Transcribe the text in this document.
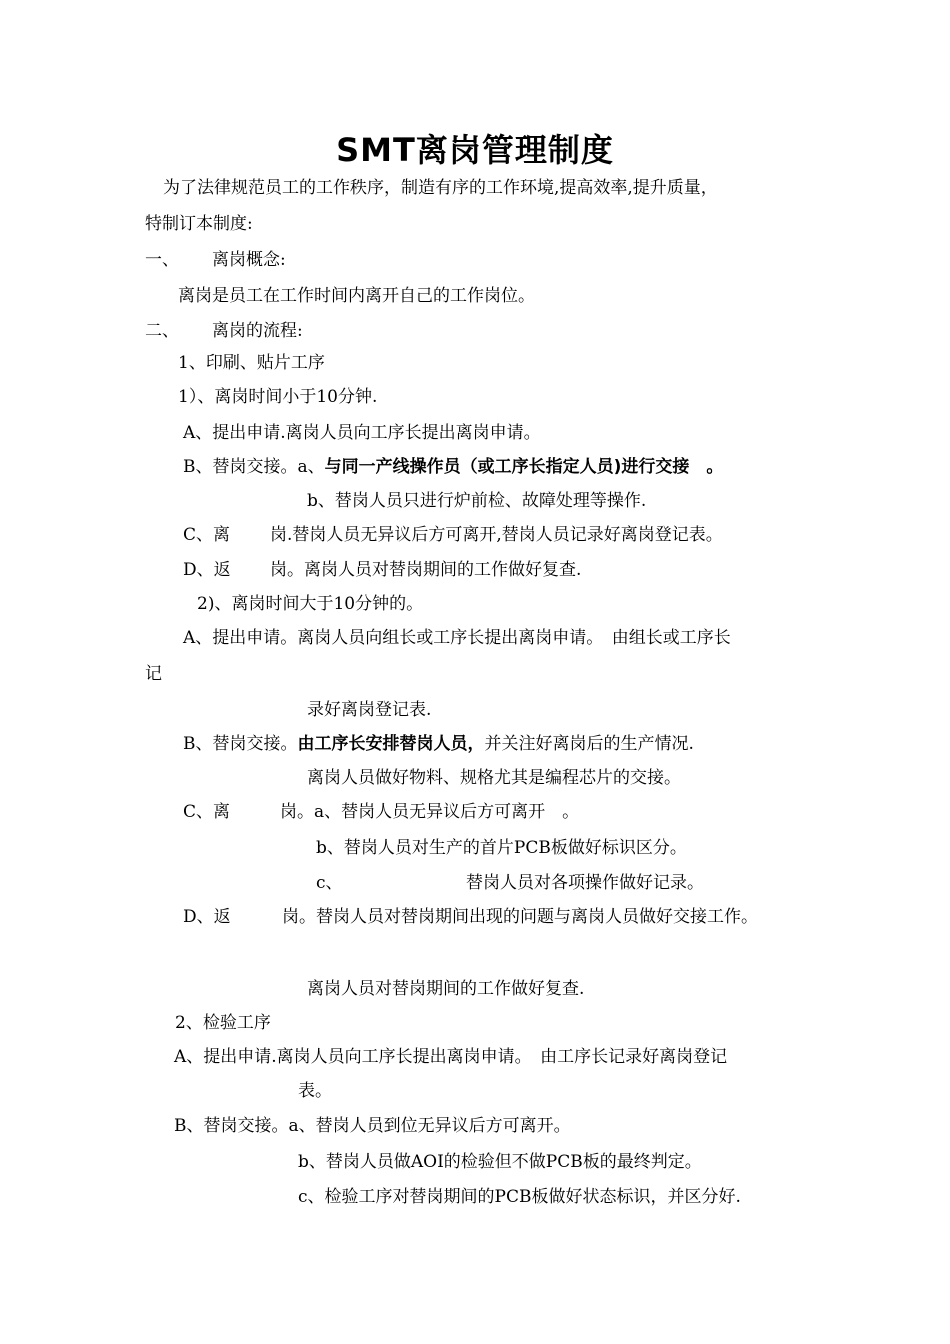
SMT离岗管理制度
为了法律规范员工的工作秩序，制造有序的工作环境,提高效率,提升质量，
特制订本制度:
一、 离岗概念:
离岗是员工在工作时间内离开自己的工作岗位。
二、 离岗的流程:
1、印刷、贴片工序
1）、离岗时间小于10分钟.
A、提出申请.离岗人员向工序长提出离岗申请。
B、替岗交接。a、与同一产线操作员（或工序长指定人员)进行交接　。
b、替岗人员只进行炉前检、故障处理等操作.
C、离 岗.替岗人员无异议后方可离开,替岗人员记录好离岗登记表。
D、返 岗。离岗人员对替岗期间的工作做好复查.
2)、离岗时间大于10分钟的。
A、提出申请。离岗人员向组长或工序长提出离岗申请。　由组长或工序长
记
录好离岗登记表.
B、替岗交接。由工序长安排替岗人员，并关注好离岗后的生产情况.
离岗人员做好物料、规格尤其是编程芯片的交接。
C、离	岗。a、替岗人员无异议后方可离开　。
b、替岗人员对生产的首片PCB板做好标识区分。
c、	替岗人员对各项操作做好记录。
D、返	岗。替岗人员对替岗期间出现的问题与离岗人员做好交接工作。
离岗人员对替岗期间的工作做好复查.
2、检验工序
A、提出申请.离岗人员向工序长提出离岗申请。　由工序长记录好离岗登记
表。
B、替岗交接。a、替岗人员到位无异议后方可离开。
b、替岗人员做AOI的检验但不做PCB板的最终判定。
c、检验工序对替岗期间的PCB板做好状态标识，并区分好.
